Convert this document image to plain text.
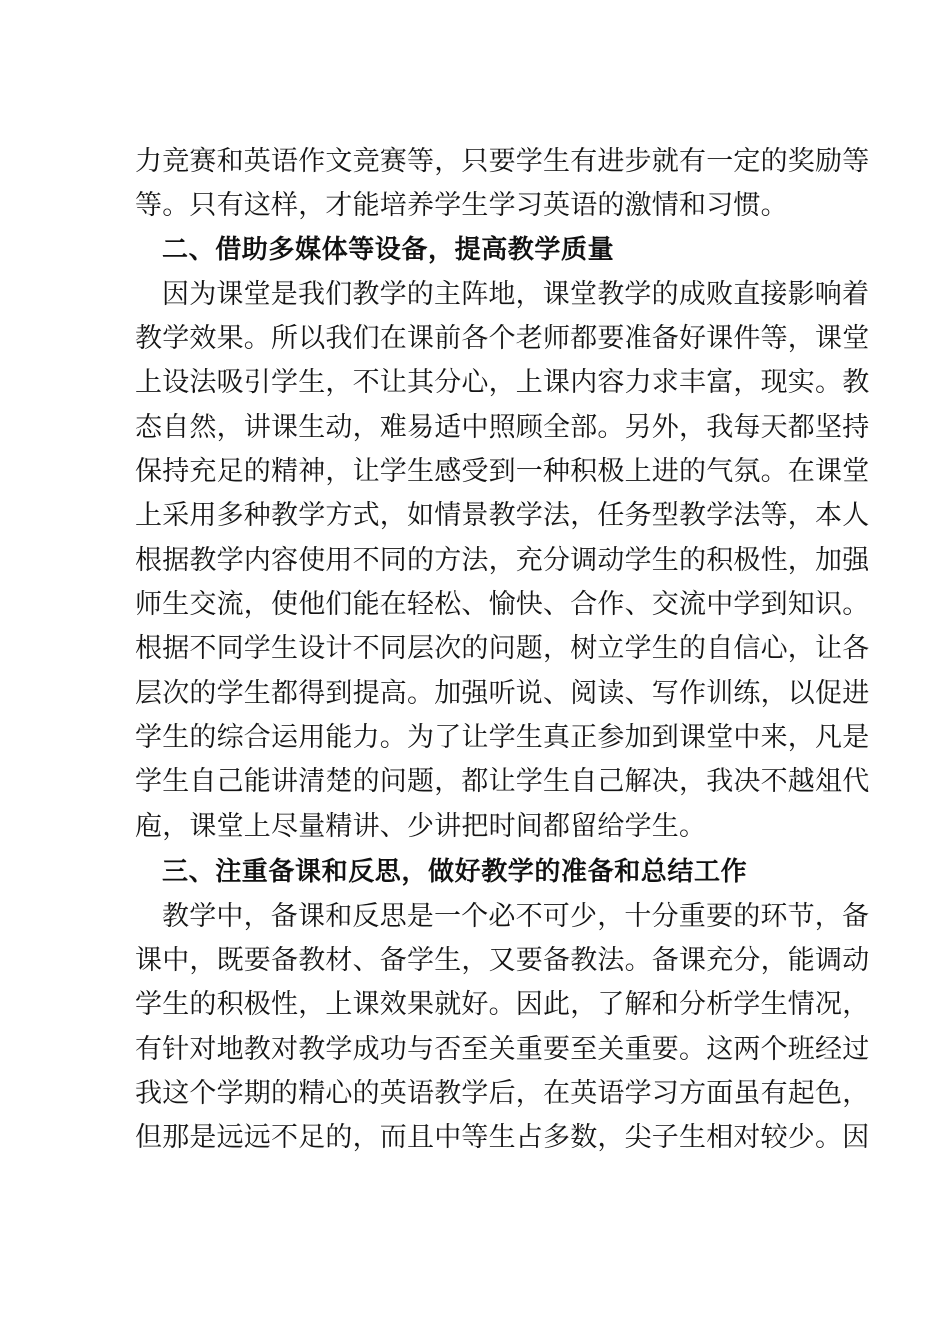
力竞赛和英语作文竞赛等，只要学生有进步就有一定的奖励等
等。只有这样，才能培养学生学习英语的激情和习惯。
二、借助多媒体等设备，提高教学质量
因为课堂是我们教学的主阵地，课堂教学的成败直接影响着
教学效果。所以我们在课前各个老师都要准备好课件等，课堂
上设法吸引学生，不让其分心，上课内容力求丰富，现实。教
态自然，讲课生动，难易适中照顾全部。另外，我每天都坚持
保持充足的精神，让学生感受到一种积极上进的气氛。在课堂
上采用多种教学方式，如情景教学法，任务型教学法等，本人
根据教学内容使用不同的方法，充分调动学生的积极性，加强
师生交流，使他们能在轻松、愉快、合作、交流中学到知识。
根据不同学生设计不同层次的问题，树立学生的自信心，让各
层次的学生都得到提高。加强听说、阅读、写作训练，以促进
学生的综合运用能力。为了让学生真正参加到课堂中来，凡是
学生自己能讲清楚的问题，都让学生自己解决，我决不越俎代
庖，课堂上尽量精讲、少讲把时间都留给学生。
三、注重备课和反思，做好教学的准备和总结工作
教学中，备课和反思是一个必不可少，十分重要的环节，备
课中，既要备教材、备学生，又要备教法。备课充分，能调动
学生的积极性，上课效果就好。因此，了解和分析学生情况，
有针对地教对教学成功与否至关重要至关重要。这两个班经过
我这个学期的精心的英语教学后，在英语学习方面虽有起色，
但那是远远不足的，而且中等生占多数，尖子生相对较少。因
